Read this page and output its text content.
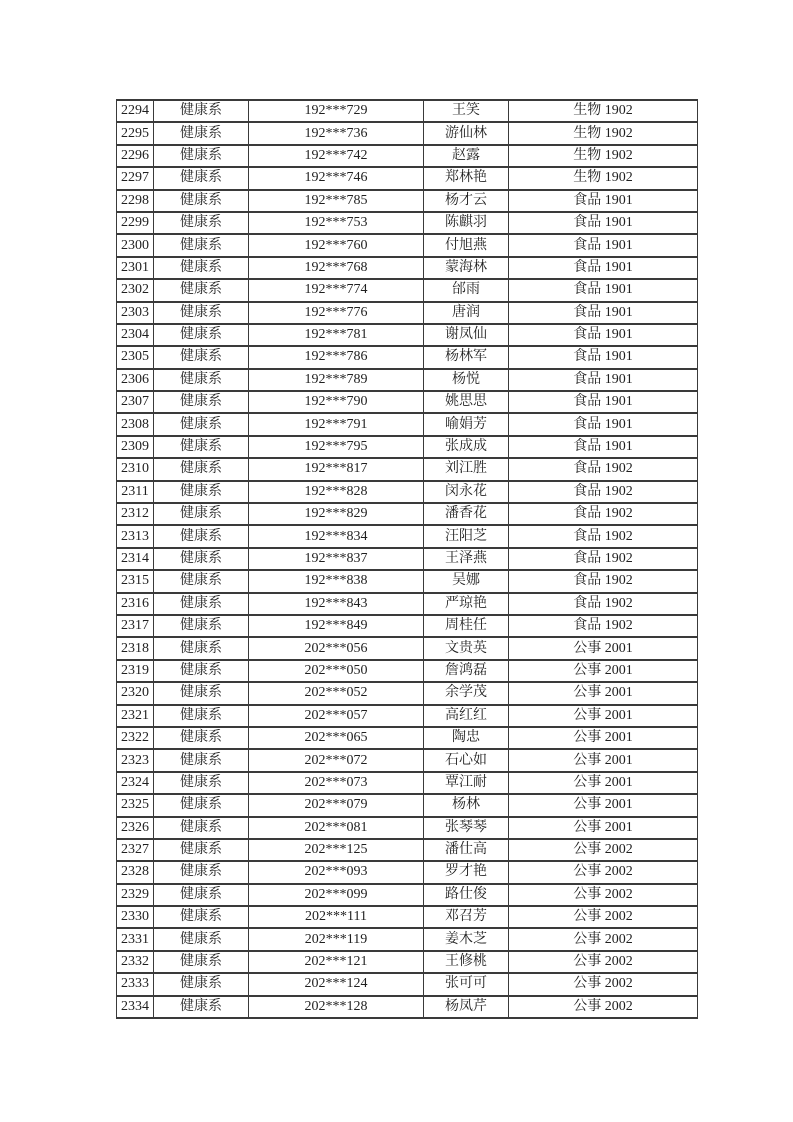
2294	健康系	192***729	王笑	生物 1902
2295	健康系	192***736	游仙林	生物 1902
2296	健康系	192***742	赵露	生物 1902
2297	健康系	192***746	郑林艳	生物 1902
2298	健康系	192***785	杨才云	食品 1901
2299	健康系	192***753	陈麒羽	食品 1901
2300	健康系	192***760	付旭燕	食品 1901
2301	健康系	192***768	蒙海林	食品 1901
2302	健康系	192***774	邰雨	食品 1901
2303	健康系	192***776	唐润	食品 1901
2304	健康系	192***781	谢凤仙	食品 1901
2305	健康系	192***786	杨林军	食品 1901
2306	健康系	192***789	杨悦	食品 1901
2307	健康系	192***790	姚思思	食品 1901
2308	健康系	192***791	喻娟芳	食品 1901
2309	健康系	192***795	张成成	食品 1901
2310	健康系	192***817	刘江胜	食品 1902
2311	健康系	192***828	闵永花	食品 1902
2312	健康系	192***829	潘香花	食品 1902
2313	健康系	192***834	汪阳芝	食品 1902
2314	健康系	192***837	王泽燕	食品 1902
2315	健康系	192***838	吴娜	食品 1902
2316	健康系	192***843	严琼艳	食品 1902
2317	健康系	192***849	周桂任	食品 1902
2318	健康系	202***056	文贵英	公事 2001
2319	健康系	202***050	詹鸿磊	公事 2001
2320	健康系	202***052	余学茂	公事 2001
2321	健康系	202***057	高红红	公事 2001
2322	健康系	202***065	陶忠	公事 2001
2323	健康系	202***072	石心如	公事 2001
2324	健康系	202***073	覃江耐	公事 2001
2325	健康系	202***079	杨林	公事 2001
2326	健康系	202***081	张琴琴	公事 2001
2327	健康系	202***125	潘仕高	公事 2002
2328	健康系	202***093	罗才艳	公事 2002
2329	健康系	202***099	路仕俊	公事 2002
2330	健康系	202***111	邓召芳	公事 2002
2331	健康系	202***119	姜木芝	公事 2002
2332	健康系	202***121	王修桃	公事 2002
2333	健康系	202***124	张可可	公事 2002
2334	健康系	202***128	杨凤芹	公事 2002
